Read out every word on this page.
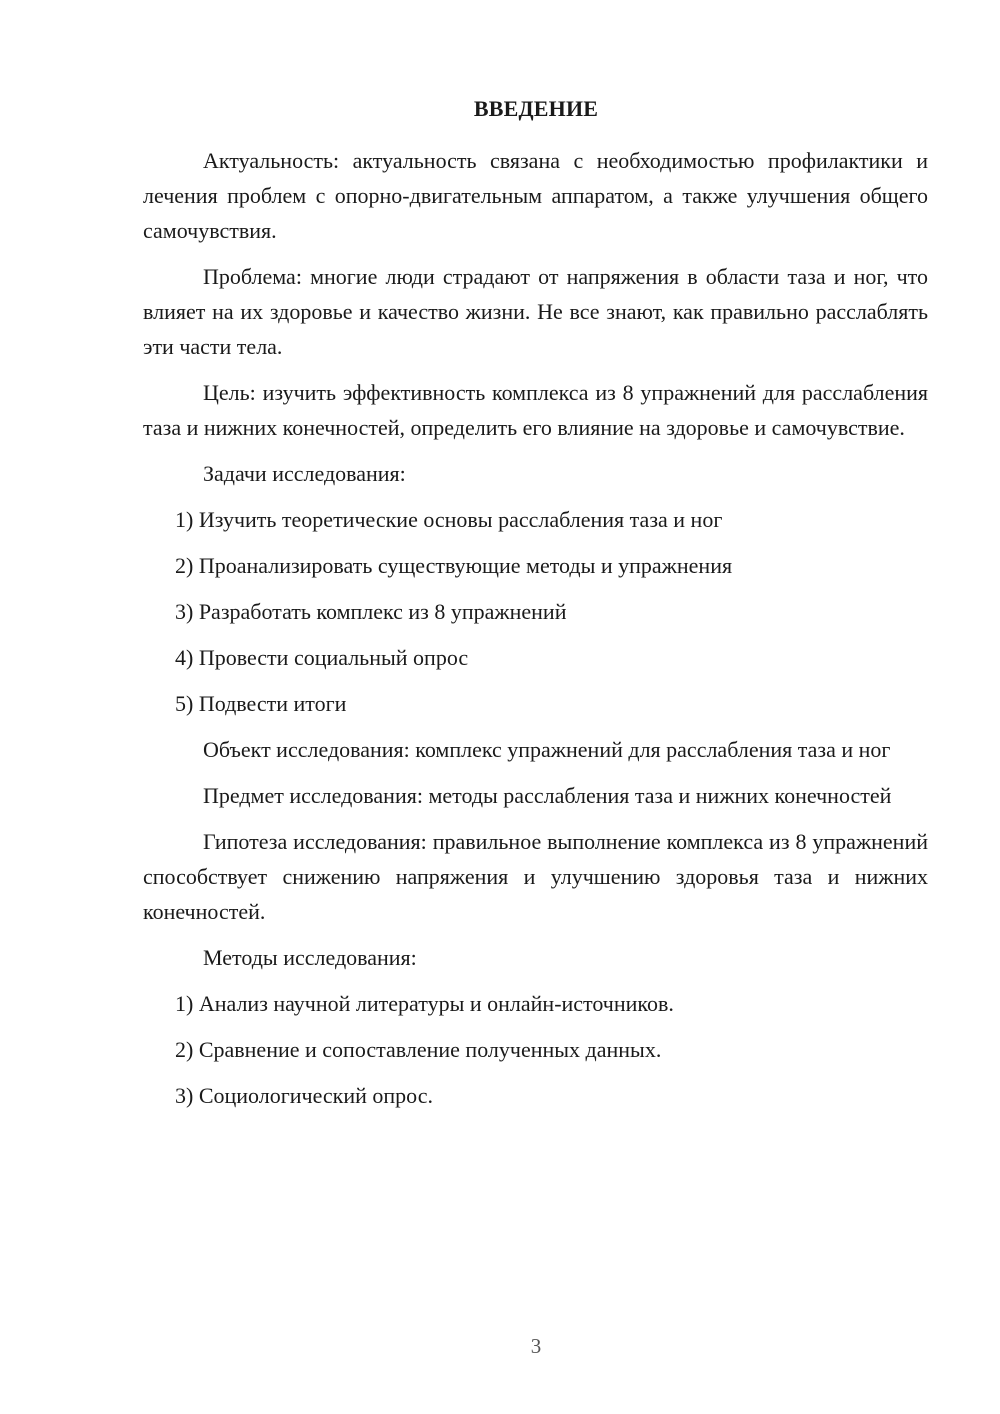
ВВЕДЕНИЕ

Актуальность: актуальность связана с необходимостью профилактики и лечения проблем с опорно-двигательным аппаратом, а также улучшения общего самочувствия.

Проблема: многие люди страдают от напряжения в области таза и ног, что влияет на их здоровье и качество жизни. Не все знают, как правильно расслаблять эти части тела.

Цель: изучить эффективность комплекса из 8 упражнений для расслабления таза и нижних конечностей, определить его влияние на здоровье и самочувствие.

Задачи исследования:

1) Изучить теоретические основы расслабления таза и ног
2) Проанализировать существующие методы и упражнения
3) Разработать комплекс из 8 упражнений
4) Провести социальный опрос
5) Подвести итоги

Объект исследования: комплекс упражнений для расслабления таза и ног

Предмет исследования: методы расслабления таза и нижних конечностей

Гипотеза исследования: правильное выполнение комплекса из 8 упражнений способствует снижению напряжения и улучшению здоровья таза и нижних конечностей.

Методы исследования:

1) Анализ научной литературы и онлайн-источников.
2) Сравнение и сопоставление полученных данных.
3) Социологический опрос.
3
